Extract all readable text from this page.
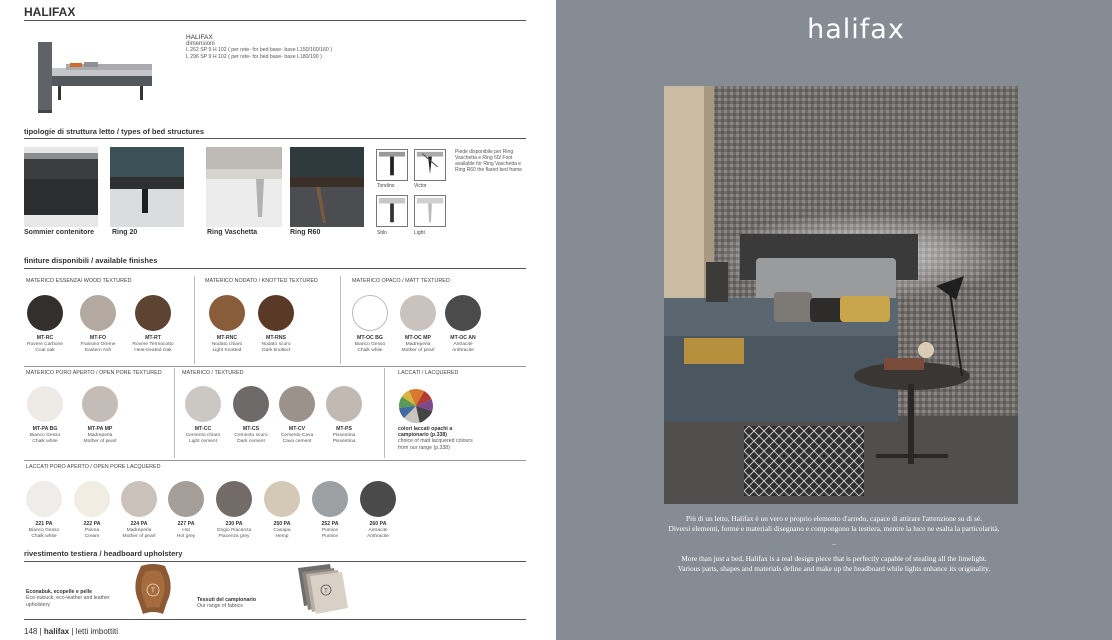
HALIFAX
HALIFAX
dimensioni
L 262 SP 9 H 102 ( per rete- for bed base- base L150/160/160 )
L 296 SP 9 H 102 ( per rete- for bed base- base L180/190 )
tipologie di struttura letto / types of bed structures
Sommier contenitore	Ring 20	Ring Vaschetta	Ring R60
Tondino	Victor
Stilo	Light
Piede disponibile per Ring Vaschetta e Ring 60/ Foot available for Ring Vaschetta e Ring R60 the flared bed frame
finiture disponibili / available finishes
MATERICO ESSENZA/ WOOD TEXTURED	MATERICO NODATO / KNOTTED TEXTURED	MATERICO OPACO / MATT TEXTURED
MT-RC
Rovere Carbone
Coal oak
MT-FO
Frassino Oreme
Eastern Ash
MT-RT
Rovere Termocotto
Heat-treated Oak
MT-RNC
Nodato chiaro
Light Knotted
MT-RNS
Nodato scuro
Dark knotted
MT-OC BG
Bianco Gesso
Chalk white
MT-OC MP
Madreperla
Mother of pearl
MT-OC AN
Antracite
Anthracite
MATERICO PORO APERTO / OPEN PORE TEXTURED	MATERICO / TEXTURED	LACCATI / LACQUERED
MT-PA BG
Bianco Gesso
Chalk white
MT-PA MP
Madreperla
Mother of pearl
MT-CC
Cemento chiaro
Light cement
MT-CS
Cemento scuro
Dark cement
MT-CV
Cemento Cava
Cava cement
MT-PS
Pissentina
Pissentina
colori laccati opachi a campionario (p.338)
choice of matt lacquered colours from our range (p.338)
LACCATI PORO APERTO / OPEN PORE LACQUERED
221 PA
Bianco Gesso
Chalk white
222 PA
Panna
Cream
224 PA
Madreperla
Mother of pearl
227 PA
Hot
Hot grey
230 PA
Grigio Piacenza
Piacenza grey
250 PA
Canapa
Hemp
252 PA
Pomice
Pumice
260 PA
Antracite
Anthracite
rivestimento testiera / headboard upholstery
T
Econabuk, ecopelle e pelle
Eco-nubuck, eco-leather and leather upholstery
Tessuti del campionario
Our range of fabrics
T
148 | halifax | letti imbottiti
halifax
Più di un letto, Halifax è un vero e proprio elemento d'arredo, capace di attirare l'attenzione su di sé.
Diversi elementi, forme e materiali disegnano e compongono la testiera, mentre la luce ne esalta la particolarità.
–
More than just a bed, Halifax is a real design piece that is perfectly capable of stealing all the limelight.
Various parts, shapes and materials define and make up the headboard while lights enhance its originality.
